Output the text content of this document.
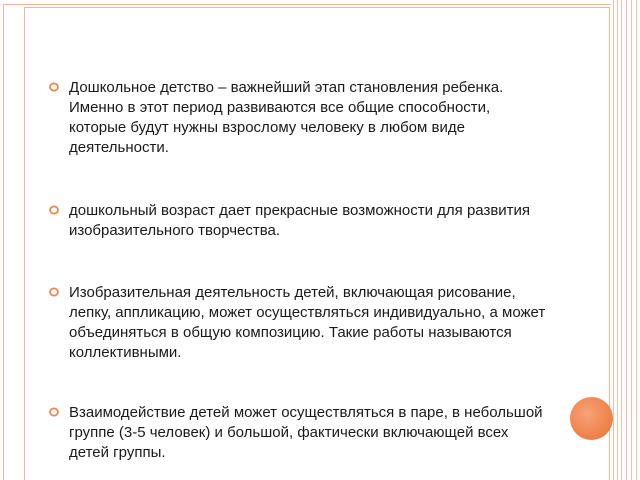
Дошкольное детство – важнейший этап становления ребенка. Именно в этот период развиваются все общие способности, которые будут нужны взрослому человеку в любом виде деятельности.
дошкольный возраст дает прекрасные возможности для развития изобразительного творчества.
Изобразительная деятельность детей, включающая рисование, лепку, аппликацию, может осуществляться индивидуально, а может объединяться в общую композицию. Такие работы называются коллективными.
Взаимодействие детей может осуществляться в паре, в небольшой группе (3-5 человек) и большой, фактически включающей всех детей группы.
